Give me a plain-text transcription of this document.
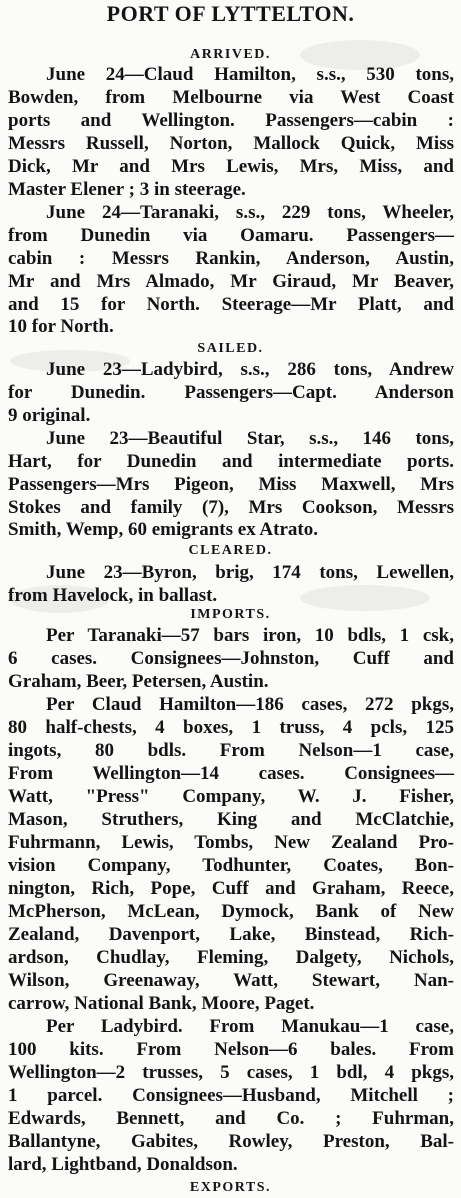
PORT OF LYTTELTON.
ARRIVED.
June 24—Claud Hamilton, s.s., 530 tons,
Bowden, from Melbourne via West Coast
ports and Wellington. Passengers—cabin :
Messrs Russell, Norton, Mallock Quick, Miss
Dick, Mr and Mrs Lewis, Mrs, Miss, and
Master Elener ; 3 in steerage.
June 24—Taranaki, s.s., 229 tons, Wheeler,
from Dunedin via Oamaru. Passengers—
cabin : Messrs Rankin, Anderson, Austin,
Mr and Mrs Almado, Mr Giraud, Mr Beaver,
and 15 for North. Steerage—Mr Platt, and
10 for North.
SAILED.
June 23—Ladybird, s.s., 286 tons, Andrew
for Dunedin. Passengers—Capt. Anderson
9 original.
June 23—Beautiful Star, s.s., 146 tons,
Hart, for Dunedin and intermediate ports.
Passengers—Mrs Pigeon, Miss Maxwell, Mrs
Stokes and family (7), Mrs Cookson, Messrs
Smith, Wemp, 60 emigrants ex Atrato.
CLEARED.
June 23—Byron, brig, 174 tons, Lewellen,
from Havelock, in ballast.
IMPORTS.
Per Taranaki—57 bars iron, 10 bdls, 1 csk,
6 cases. Consignees—Johnston, Cuff and
Graham, Beer, Petersen, Austin.
Per Claud Hamilton—186 cases, 272 pkgs,
80 half-chests, 4 boxes, 1 truss, 4 pcls, 125
ingots, 80 bdls. From Nelson—1 case,
From Wellington—14 cases. Consignees—
Watt, "Press" Company, W. J. Fisher,
Mason, Struthers, King and McClatchie,
Fuhrmann, Lewis, Tombs, New Zealand Pro-
vision Company, Todhunter, Coates, Bon-
nington, Rich, Pope, Cuff and Graham, Reece,
McPherson, McLean, Dymock, Bank of New
Zealand, Davenport, Lake, Binstead, Rich-
ardson, Chudlay, Fleming, Dalgety, Nichols,
Wilson, Greenaway, Watt, Stewart, Nan-
carrow, National Bank, Moore, Paget.
Per Ladybird. From Manukau—1 case,
100 kits. From Nelson—6 bales. From
Wellington—2 trusses, 5 cases, 1 bdl, 4 pkgs,
1 parcel. Consignees—Husband, Mitchell ;
Edwards, Bennett, and Co. ; Fuhrman,
Ballantyne, Gabites, Rowley, Preston, Bal-
lard, Lightband, Donaldson.
EXPORTS.
